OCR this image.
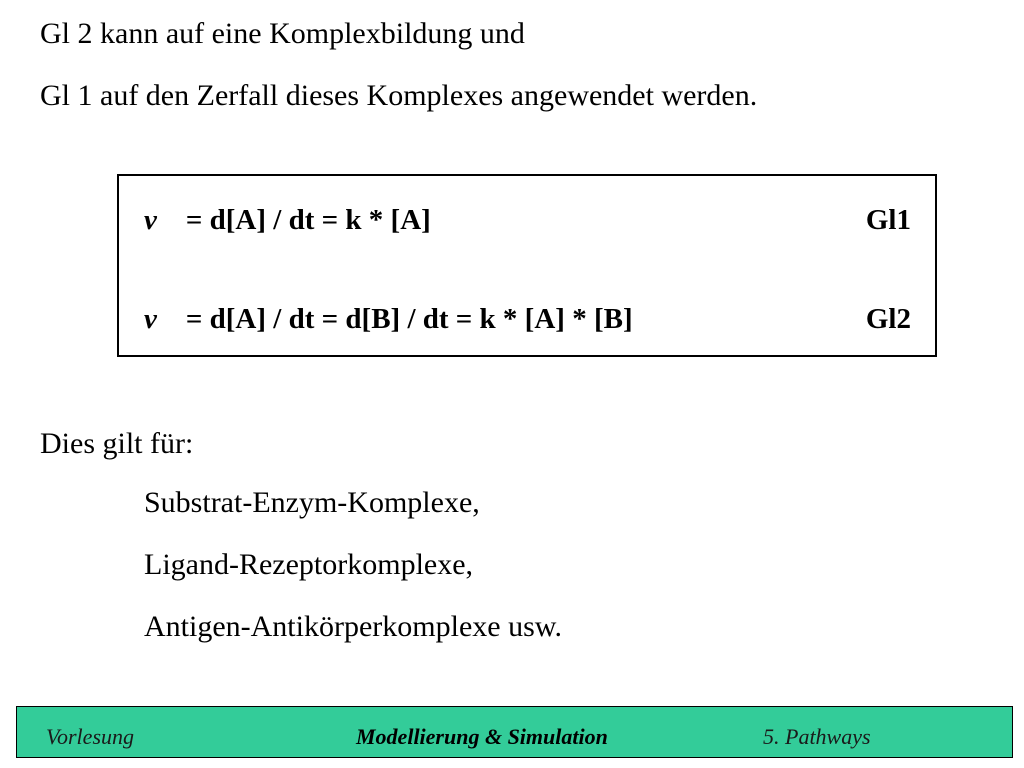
Gl 2 kann auf eine Komplexbildung und
Gl 1 auf den Zerfall dieses Komplexes angewendet werden.
v = d[A] / dt = k * [A]	Gl1
v = d[A] / dt = d[B] / dt = k * [A] * [B]	Gl2
Dies gilt für:
Substrat-Enzym-Komplexe,
Ligand-Rezeptorkomplexe,
Antigen-Antikörperkomplexe usw.
Vorlesung	Modellierung & Simulation	5. Pathways
